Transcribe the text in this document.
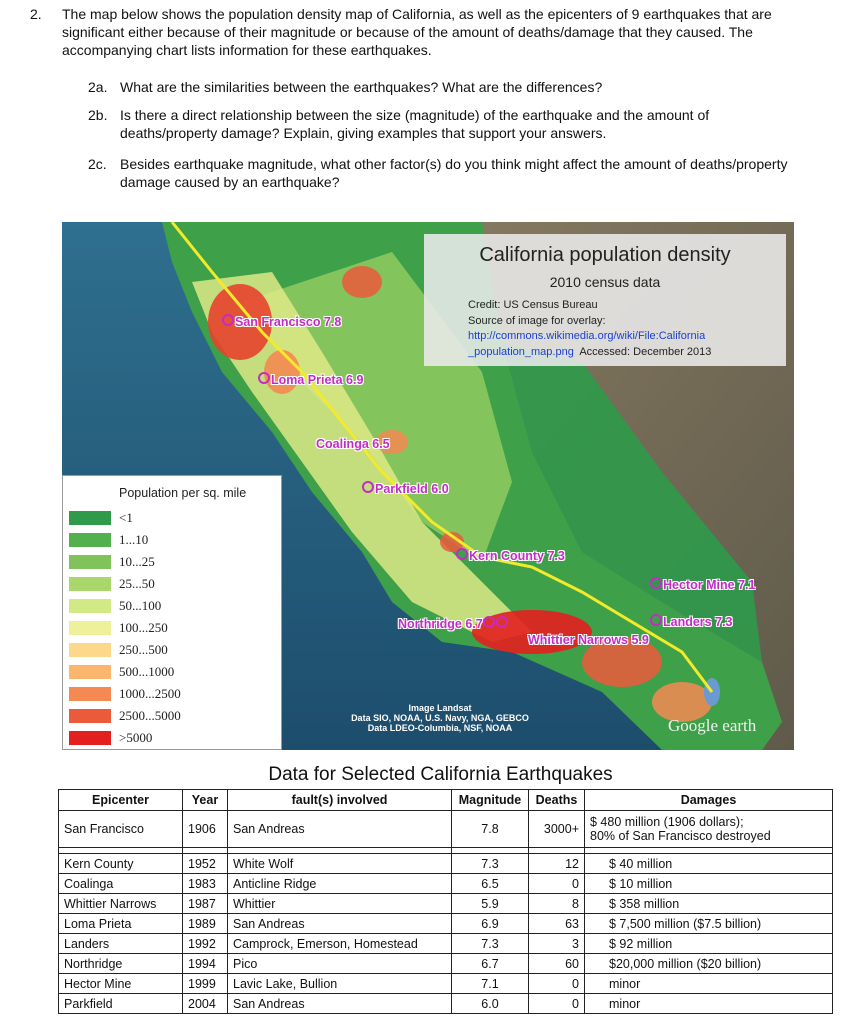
2. The map below shows the population density map of California, as well as the epicenters of 9 earthquakes that are significant either because of their magnitude or because of the amount of deaths/damage that they caused. The accompanying chart lists information for these earthquakes.
2a. What are the similarities between the earthquakes? What are the differences?
2b. Is there a direct relationship between the size (magnitude) of the earthquake and the amount of deaths/property damage? Explain, giving examples that support your answers.
2c. Besides earthquake magnitude, what other factor(s) do you think might affect the amount of deaths/property damage caused by an earthquake?
California population density
2010 census data
Credit: US Census Bureau
Source of image for overlay:
http://commons.wikimedia.org/wiki/File:California
_population_map.png Accessed: December 2013
San Francisco 7.8
Loma Prieta 6.9
Coalinga 6.5
Parkfield 6.0
Kern County 7.3
Hector Mine 7.1
Landers 7.3
Northridge 6.7
Whittier Narrows 5.9
Image Landsat
Data SIO, NOAA, U.S. Navy, NGA, GEBCO
Data LDEO-Columbia, NSF, NOAA	Google earth
Population per sq. mile
<1
1...10
10...25
25...50
50...100
100...250
250...500
500...1000
1000...2500
2500...5000
>5000
Data for Selected California Earthquakes
Epicenter	Year	fault(s) involved	Magnitude	Deaths	Damages
San Francisco	1906	San Andreas	7.8	3000+	$ 480 million (1906 dollars);
80% of San Francisco destroyed

Kern County	1952	White Wolf	7.3	12	$ 40 million
Coalinga	1983	Anticline Ridge	6.5	0	$ 10 million
Whittier Narrows	1987	Whittier	5.9	8	$ 358 million
Loma Prieta	1989	San Andreas	6.9	63	$ 7,500 million ($7.5 billion)
Landers	1992	Camprock, Emerson, Homestead	7.3	3	$ 92 million
Northridge	1994	Pico	6.7	60	$20,000 million ($20 billion)
Hector Mine	1999	Lavic Lake, Bullion	7.1	0	minor
Parkfield	2004	San Andreas	6.0	0	minor
